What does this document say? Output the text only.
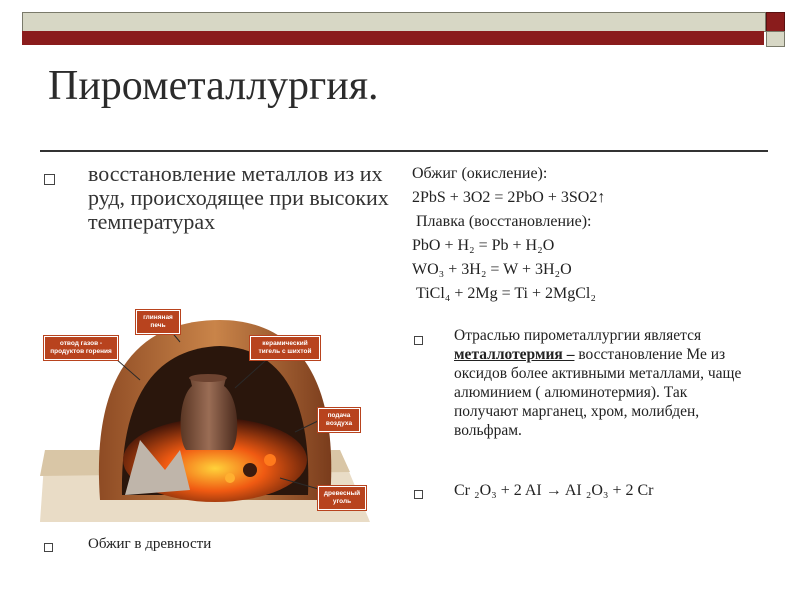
Пирометаллургия.
восстановление металлов из их руд, происходящее при высоких температурах
Обжиг (окисление):
2PbS + 3O2 = 2PbO + 3SO2↑
Плавка (восстановление):
PbO + H₂ = Pb + H₂O
WO₃ + 3H₂ = W + 3H₂O
TiCl₄ + 2Mg = Ti + 2MgCl₂
Отраслью пирометаллургии является металлотермия – восстановление Ме из оксидов более активными металлами, чаще алюминием ( алюминотермия). Так получают марганец, хром, молибден, вольфрам.
Cr ₂O₃ + 2 AI → AI ₂O₃ + 2 Cr
Обжиг в древности
отвод газов - продуктов горения
глиняная печь
керамический тигель с шихтой
подача воздуха
древесный уголь
